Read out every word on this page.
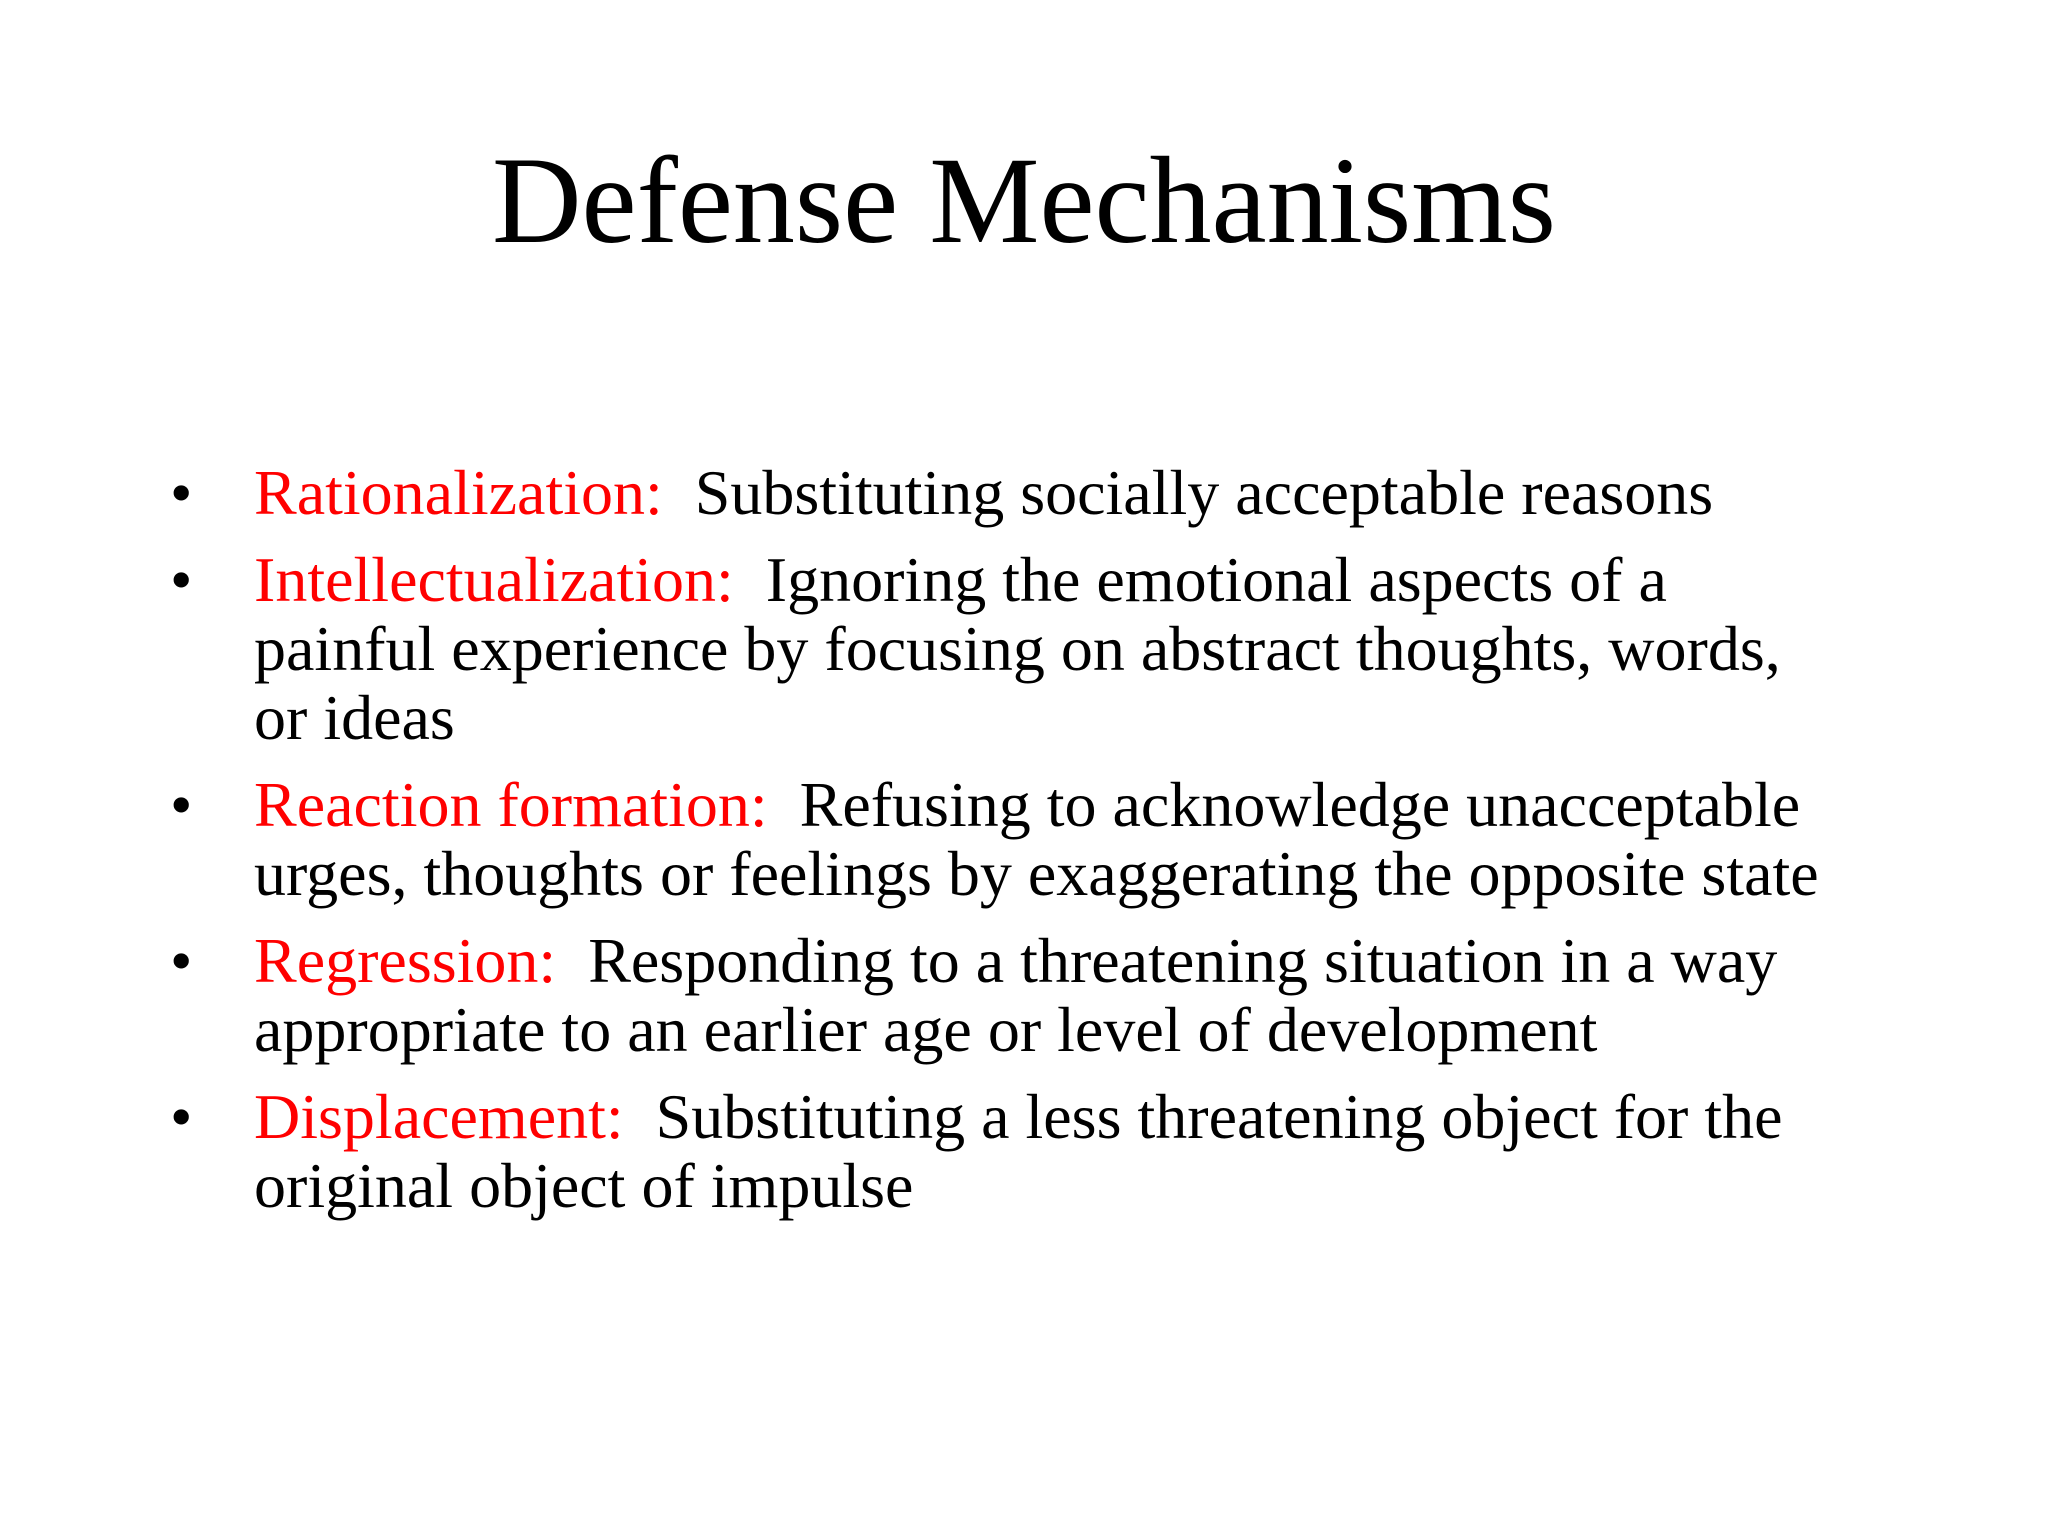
Defense Mechanisms
• Rationalization: Substituting socially acceptable reasons
• Intellectualization: Ignoring the emotional aspects of a painful experience by focusing on abstract thoughts, words, or ideas
• Reaction formation: Refusing to acknowledge unacceptable urges, thoughts or feelings by exaggerating the opposite state
• Regression: Responding to a threatening situation in a way appropriate to an earlier age or level of development
• Displacement: Substituting a less threatening object for the original object of impulse
